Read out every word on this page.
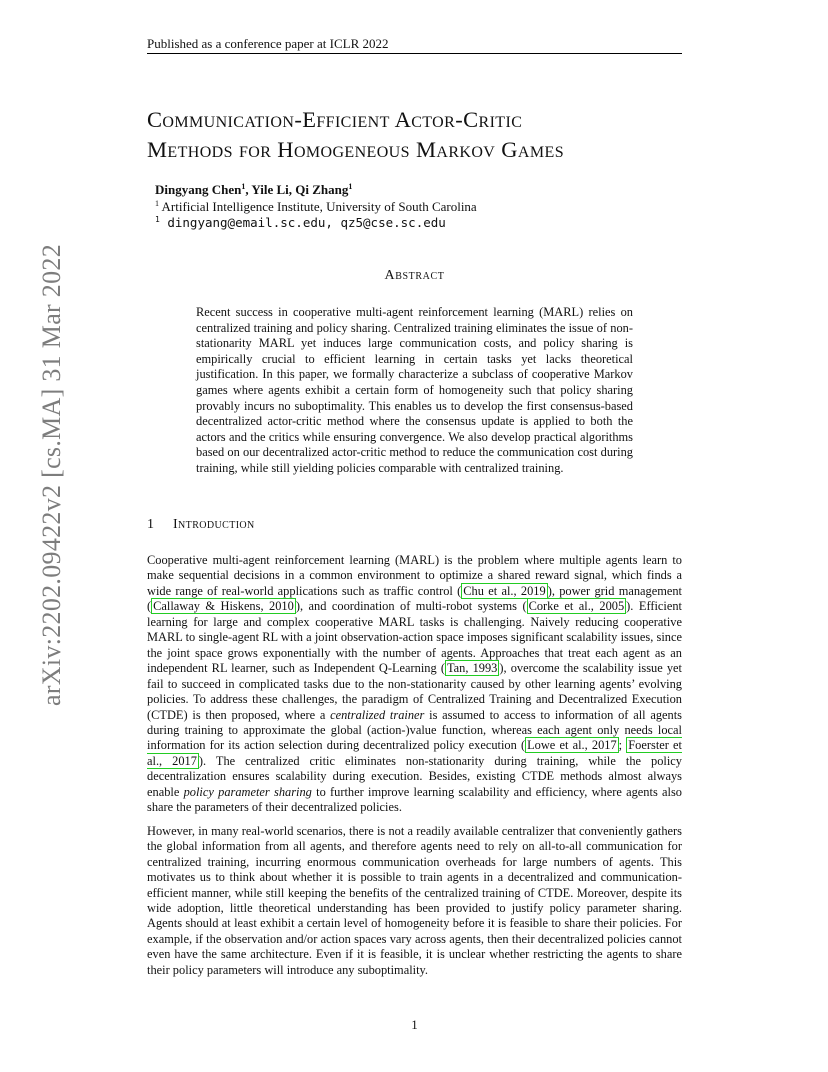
Published as a conference paper at ICLR 2022
arXiv:2202.09422v2 [cs.MA] 31 Mar 2022
Communication-Efficient Actor-Critic
Methods for Homogeneous Markov Games
Dingyang Chen$^1$, Yile Li, Qi Zhang$^1$
$^1$ Artificial Intelligence Institute, University of South Carolina
$^1$ dingyang@email.sc.edu, qz5@cse.sc.edu
Abstract
Recent success in cooperative multi-agent reinforcement learning (MARL) relies on centralized training and policy sharing. Centralized training eliminates the issue of non-stationarity MARL yet induces large communication costs, and policy sharing is empirically crucial to efficient learning in certain tasks yet lacks theoretical justification. In this paper, we formally characterize a subclass of cooperative Markov games where agents exhibit a certain form of homogeneity such that policy sharing provably incurs no suboptimality. This enables us to develop the first consensus-based decentralized actor-critic method where the consensus update is applied to both the actors and the critics while ensuring convergence. We also develop practical algorithms based on our decentralized actor-critic method to reduce the communication cost during training, while still yielding policies comparable with centralized training.
1 Introduction

Cooperative multi-agent reinforcement learning (MARL) is the problem where multiple agents learn to make sequential decisions in a common environment to optimize a shared reward signal, which finds a wide range of real-world applications such as traffic control ( Chu et al., 2019 ), power grid management ( Callaway & Hiskens, 2010 ), and coordination of multi-robot systems ( Corke et al., 2005 ). Efficient learning for large and complex cooperative MARL tasks is challenging. Naively reducing cooperative MARL to single-agent RL with a joint observation-action space imposes significant scalability issues, since the joint space grows exponentially with the number of agents. Approaches that treat each agent as an independent RL learner, such as Independent Q-Learning ( Tan, 1993 ), overcome the scalability issue yet fail to succeed in complicated tasks due to the non-stationarity caused by other learning agents’ evolving policies. To address these challenges, the paradigm of Centralized Training and Decentralized Execution (CTDE) is then proposed, where a centralized trainer is assumed to access to information of all agents during training to approximate the global (action-)value function, whereas each agent only needs local information for its action selection during decentralized policy execution ( Lowe et al., 2017 ; Foerster et al., 2017 ). The centralized critic eliminates non-stationarity during training, while the policy decentralization ensures scalability during execution. Besides, existing CTDE methods almost always enable policy parameter sharing to further improve learning scalability and efficiency, where agents also share the parameters of their decentralized policies.

However, in many real-world scenarios, there is not a readily available centralizer that conveniently gathers the global information from all agents, and therefore agents need to rely on all-to-all communication for centralized training, incurring enormous communication overheads for large numbers of agents. This motivates us to think about whether it is possible to train agents in a decentralized and communication-efficient manner, while still keeping the benefits of the centralized training of CTDE. Moreover, despite its wide adoption, little theoretical understanding has been provided to justify policy parameter sharing. Agents should at least exhibit a certain level of homogeneity before it is feasible to share their policies. For example, if the observation and/or action spaces vary across agents, then their decentralized policies cannot even have the same architecture. Even if it is feasible, it is unclear whether restricting the agents to share their policy parameters will introduce any suboptimality.

1
